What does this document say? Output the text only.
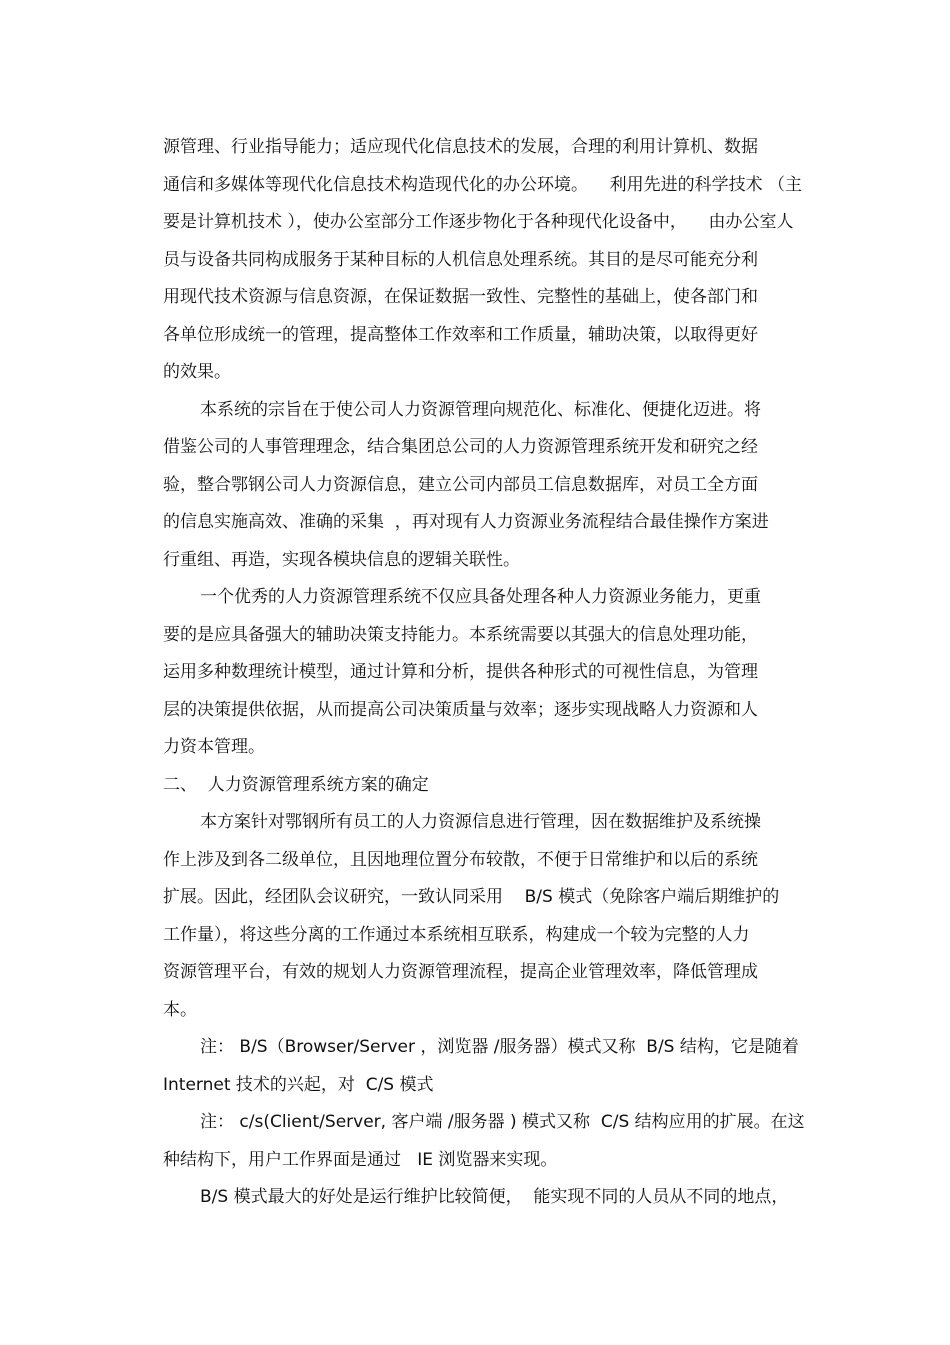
源管理、行业指导能力；适应现代化信息技术的发展，合理的利用计算机、数据
通信和多媒体等现代化信息技术构造现代化的办公环境。    利用先进的科学技术 （主
要是计算机技术 ），使办公室部分工作逐步物化于各种现代化设备中，    由办公室人
员与设备共同构成服务于某种目标的人机信息处理系统。其目的是尽可能充分利
用现代技术资源与信息资源，在保证数据一致性、完整性的基础上，使各部门和
各单位形成统一的管理，提高整体工作效率和工作质量，辅助决策，以取得更好
的效果。
本系统的宗旨在于使公司人力资源管理向规范化、标准化、便捷化迈进。将
借鉴公司的人事管理理念，结合集团总公司的人力资源管理系统开发和研究之经
验，整合鄂钢公司人力资源信息，建立公司内部员工信息数据库，对员工全方面
的信息实施高效、准确的采集  ，再对现有人力资源业务流程结合最佳操作方案进
行重组、再造，实现各模块信息的逻辑关联性。
一个优秀的人力资源管理系统不仅应具备处理各种人力资源业务能力，更重
要的是应具备强大的辅助决策支持能力。本系统需要以其强大的信息处理功能，
运用多种数理统计模型，通过计算和分析，提供各种形式的可视性信息，为管理
层的决策提供依据，从而提高公司决策质量与效率；逐步实现战略人力资源和人
力资本管理。
二、  人力资源管理系统方案的确定
本方案针对鄂钢所有员工的人力资源信息进行管理，因在数据维护及系统操
作上涉及到各二级单位，且因地理位置分布较散，不便于日常维护和以后的系统
扩展。因此，经团队会议研究，一致认同采用    B/S 模式（免除客户端后期维护的
工作量），将这些分离的工作通过本系统相互联系，构建成一个较为完整的人力
资源管理平台，有效的规划人力资源管理流程，提高企业管理效率，降低管理成
本。
注： B/S（Browser/Server ，浏览器 /服务器）模式又称  B/S 结构，它是随着
Internet 技术的兴起，对  C/S 模式
注： c/s(Client/Server, 客户端 /服务器 ) 模式又称  C/S 结构应用的扩展。在这
种结构下，用户工作界面是通过   IE 浏览器来实现。
B/S 模式最大的好处是运行维护比较简便，  能实现不同的人员从不同的地点，
